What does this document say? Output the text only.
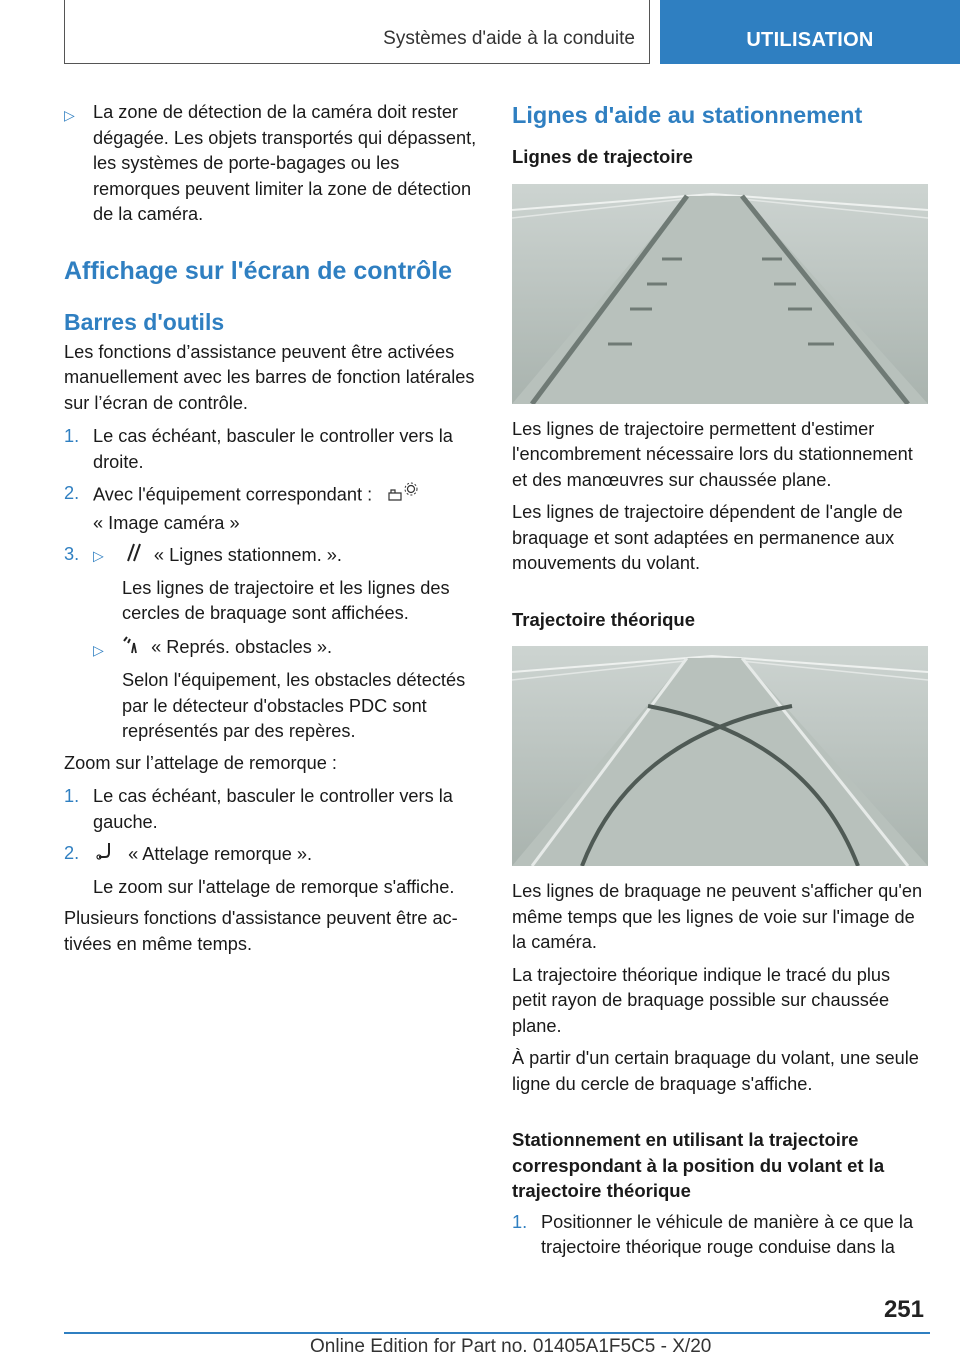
Systèmes d'aide à la conduite	UTILISATION
▷ La zone de détection de la caméra doit rester dégagée. Les objets transportés qui dépassent, les systèmes de porte-bagages ou les remorques peuvent limiter la zone de détection de la caméra.

Affichage sur l'écran de contrôle
Barres d'outils

Les fonctions d’assistance peuvent être activées manuellement avec les barres de fonction latérales sur l’écran de contrôle.

1. Le cas échéant, basculer le controller vers la droite.

2. Avec l'équipement correspondant :

« Image caméra »

3. ▷	« Lignes stationnem. ».

Les lignes de trajectoire et les lignes des cercles de braquage sont affichées.

▷	« Représ. obstacles ».

Selon l'équipement, les obstacles détectés par le détecteur d'obstacles PDC sont représentés par des repères.

Zoom sur l’attelage de remorque :

1. Le cas échéant, basculer le controller vers la gauche.

2.	« Attelage remorque ».

Le zoom sur l'attelage de remorque s'affiche.

Plusieurs fonctions d'assistance peuvent être activées en même temps.

Lignes d'aide au stationnement
Lignes de trajectoire

Les lignes de trajectoire permettent d'estimer l'encombrement nécessaire lors du stationnement et des manœuvres sur chaussée plane.

Les lignes de trajectoire dépendent de l'angle de braquage et sont adaptées en permanence aux mouvements du volant.

Trajectoire théorique

Les lignes de braquage ne peuvent s'afficher qu'en même temps que les lignes de voie sur l'image de la caméra.

La trajectoire théorique indique le tracé du plus petit rayon de braquage possible sur chaussée plane.

À partir d'un certain braquage du volant, une seule ligne du cercle de braquage s'affiche.

Stationnement en utilisant la trajectoire correspondant à la position du volant et la trajectoire théorique
1. Positionner le véhicule de manière à ce que la trajectoire théorique rouge conduise dans la

251
Online Edition for Part no. 01405A1F5C5 - X/20
